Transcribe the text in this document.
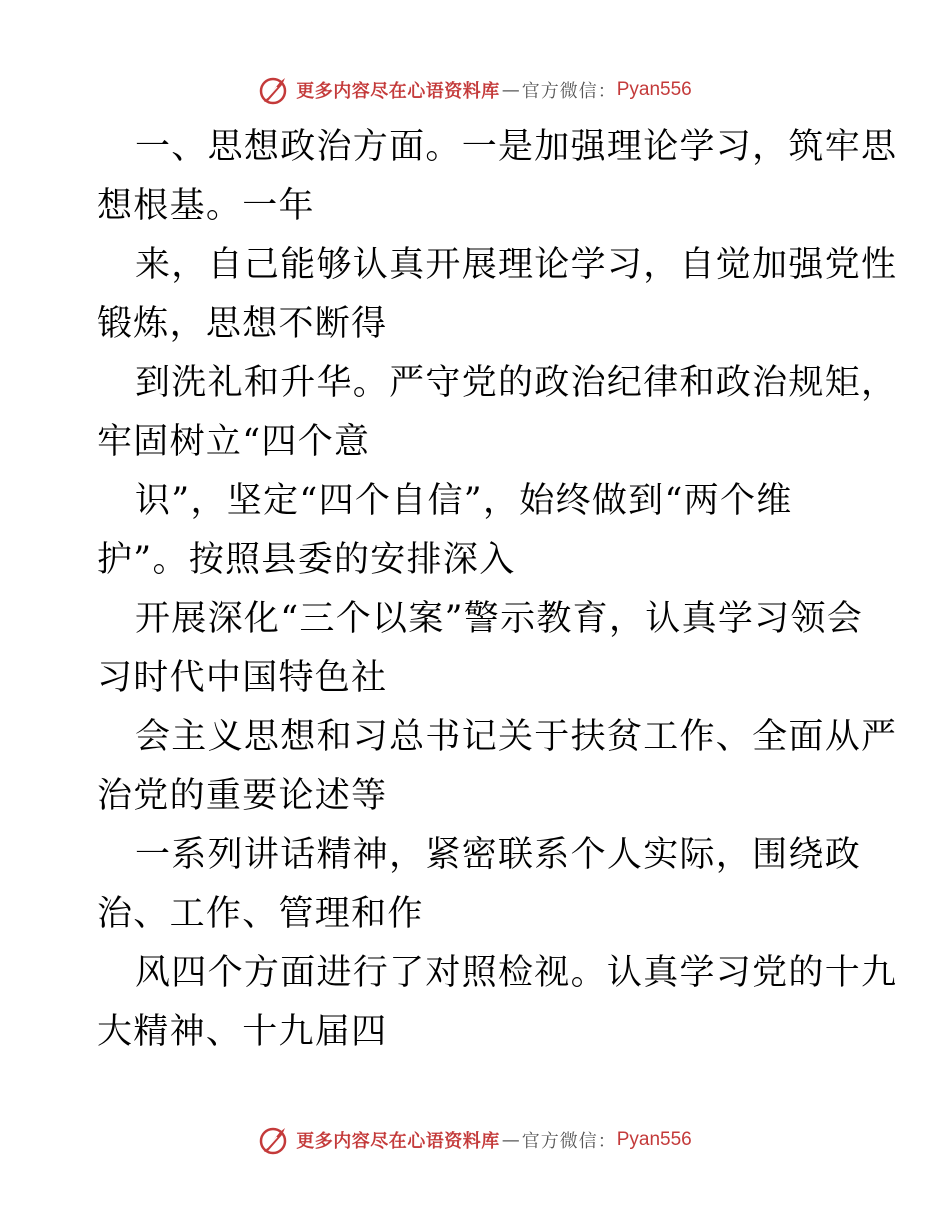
更多内容尽在心语资料库 — 官方微信： Pyan556
一、思想政治方面。一是加强理论学习，筑牢思
想根基。一年
来，自己能够认真开展理论学习，自觉加强党性
锻炼，思想不断得
到洗礼和升华。严守党的政治纪律和政治规矩，
牢固树立“四个意
识”，坚定“四个自信”，始终做到“两个维
护”。按照县委的安排深入
开展深化“三个以案”警示教育，认真学习领会
习时代中国特色社
会主义思想和习总书记关于扶贫工作、全面从严
治党的重要论述等
一系列讲话精神，紧密联系个人实际，围绕政
治、工作、管理和作
风四个方面进行了对照检视。认真学习党的十九
大精神、十九届四
更多内容尽在心语资料库 — 官方微信： Pyan556
